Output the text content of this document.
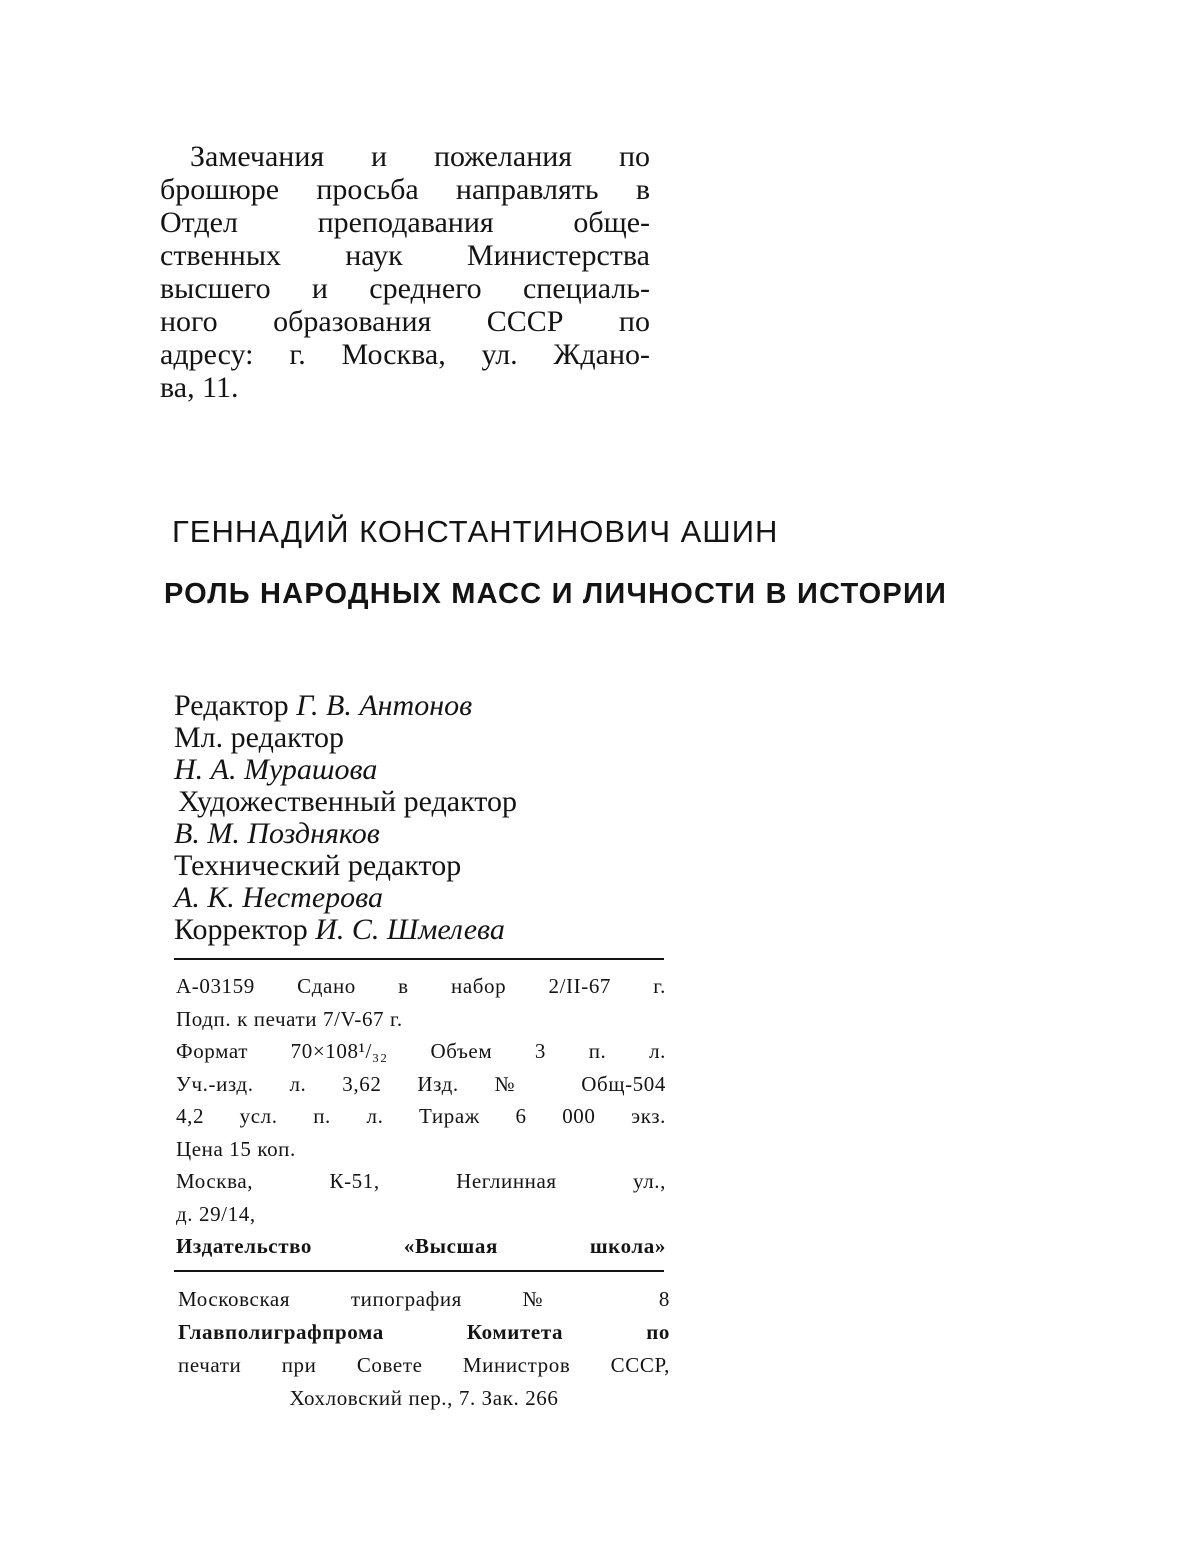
Замечания и пожелания по
брошюре просьба направлять в
Отдел преподавания обще-
ственных наук Министерства
высшего и среднего специаль-
ного образования СССР по
адресу: г. Москва, ул. Ждано-
ва, 11.
ГЕННАДИЙ КОНСТАНТИНОВИЧ АШИН
РОЛЬ НАРОДНЫХ МАСС И ЛИЧНОСТИ В ИСТОРИИ
Редактор Г. В. Антонов
Мл. редактор
Н. А. Мурашова
Художественный редактор
В. М. Поздняков
Технический редактор
А. К. Нестерова
Корректор И. С. Шмелева
А-03159 Сдано в набор 2/II-67 г.
Подп. к печати 7/V-67 г.
Формат 70×108¹/₃₂ Объем 3 п. л.
Уч.-изд. л. 3,62 Изд. № Общ-504
4,2 усл. п. л. Тираж 6 000 экз.
Цена 15 коп.
Москва, К-51, Неглинная ул.,
д. 29/14,
Издательство «Высшая школа»
Московская типография № 8
Главполиграфпрома Комитета по
печати при Совете Министров СССР,
Хохловский пер., 7. Зак. 266
